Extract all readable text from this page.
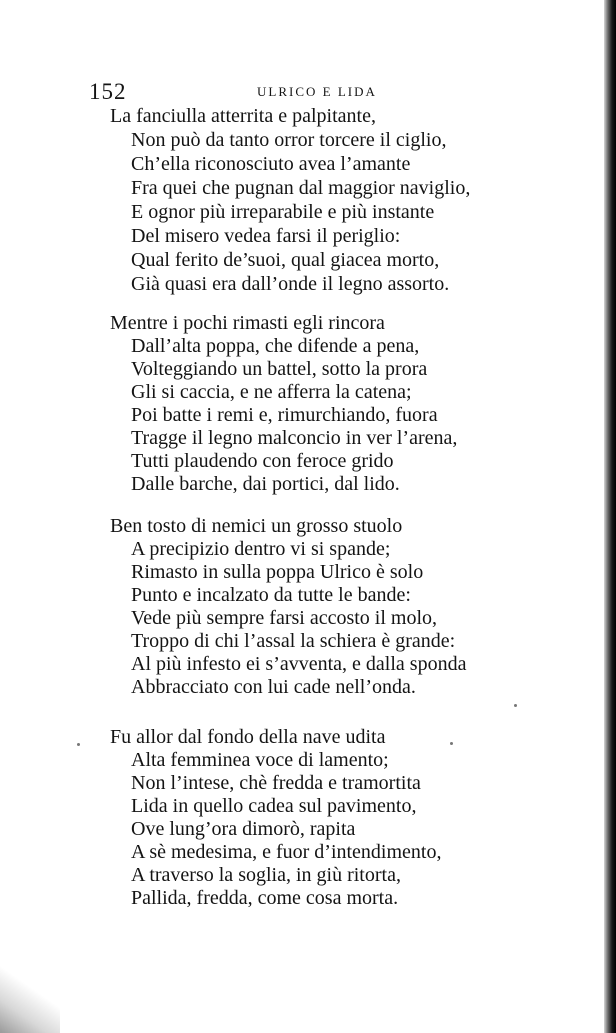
152	ULRICO E LIDA
La fanciulla atterrita e palpitante,
Non può da tanto orror torcere il ciglio,
Ch’ella riconosciuto avea l’amante
Fra quei che pugnan dal maggior naviglio,
E ognor più irreparabile e più instante
Del misero vedea farsi il periglio:
Qual ferito de’suoi, qual giacea morto,
Già quasi era dall’onde il legno assorto.
Mentre i pochi rimasti egli rincora
Dall’alta poppa, che difende a pena,
Volteggiando un battel, sotto la prora
Gli si caccia, e ne afferra la catena;
Poi batte i remi e, rimurchiando, fuora
Tragge il legno malconcio in ver l’arena,
Tutti plaudendo con feroce grido
Dalle barche, dai portici, dal lido.
Ben tosto di nemici un grosso stuolo
A precipizio dentro vi si spande;
Rimasto in sulla poppa Ulrico è solo
Punto e incalzato da tutte le bande:
Vede più sempre farsi accosto il molo,
Troppo di chi l’assal la schiera è grande:
Al più infesto ei s’avventa, e dalla sponda
Abbracciato con lui cade nell’onda.
Fu allor dal fondo della nave udita
Alta femminea voce di lamento;
Non l’intese, chè fredda e tramortita
Lida in quello cadea sul pavimento,
Ove lung’ora dimorò, rapita
A sè medesima, e fuor d’intendimento,
A traverso la soglia, in giù ritorta,
Pallida, fredda, come cosa morta.
